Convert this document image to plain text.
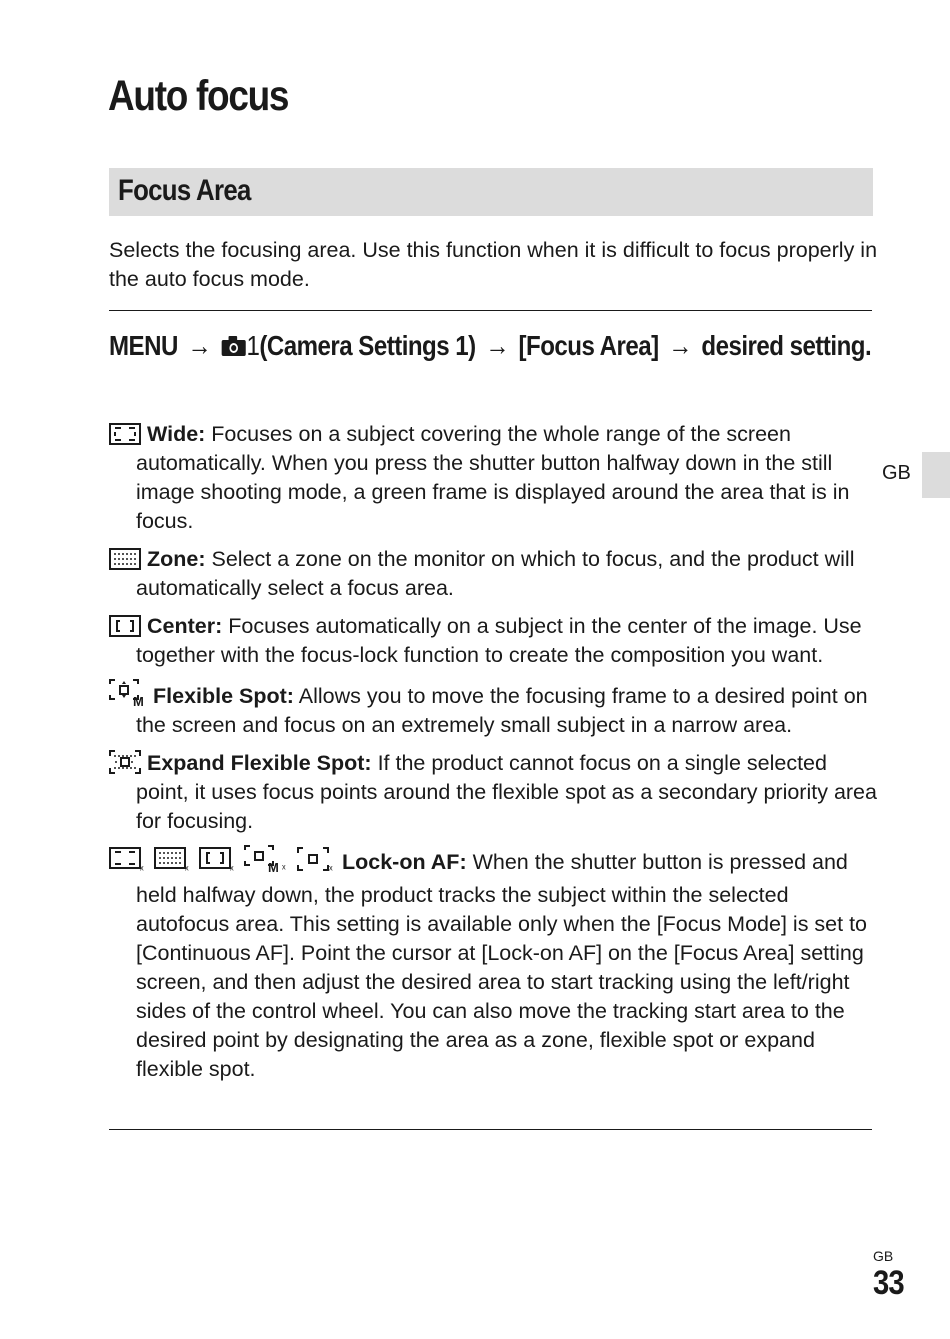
Auto focus
Focus Area

Selects the focusing area. Use this function when it is difficult to focus properly in the auto focus mode.

MENU → 1(Camera Settings 1) → [Focus Area] → desired setting.

GB
Wide: Focuses on a subject covering the whole range of the screen automatically. When you press the shutter button halfway down in the still image shooting mode, a green frame is displayed around the area that is in focus.
Zone: Select a zone on the monitor on which to focus, and the product will automatically select a focus area.
Center: Focuses automatically on a subject in the center of the image. Use together with the focus-lock function to create the composition you want.
M Flexible Spot: Allows you to move the focusing frame to a desired point on the screen and focus on an extremely small subject in a narrow area.
Expand Flexible Spot: If the product cannot focus on a single selected point, it uses focus points around the flexible spot as a secondary priority area for focusing.
ˣ	ˣ	ˣ	M ˣ	ˣ Lock-on AF: When the shutter button is pressed and held halfway down, the product tracks the subject within the selected autofocus area. This setting is available only when the [Focus Mode] is set to [Continuous AF]. Point the cursor at [Lock-on AF] on the [Focus Area] setting screen, and then adjust the desired area to start tracking using the left/right sides of the control wheel. You can also move the tracking start area to the desired point by designating the area as a zone, flexible spot or expand flexible spot.
GB
33
